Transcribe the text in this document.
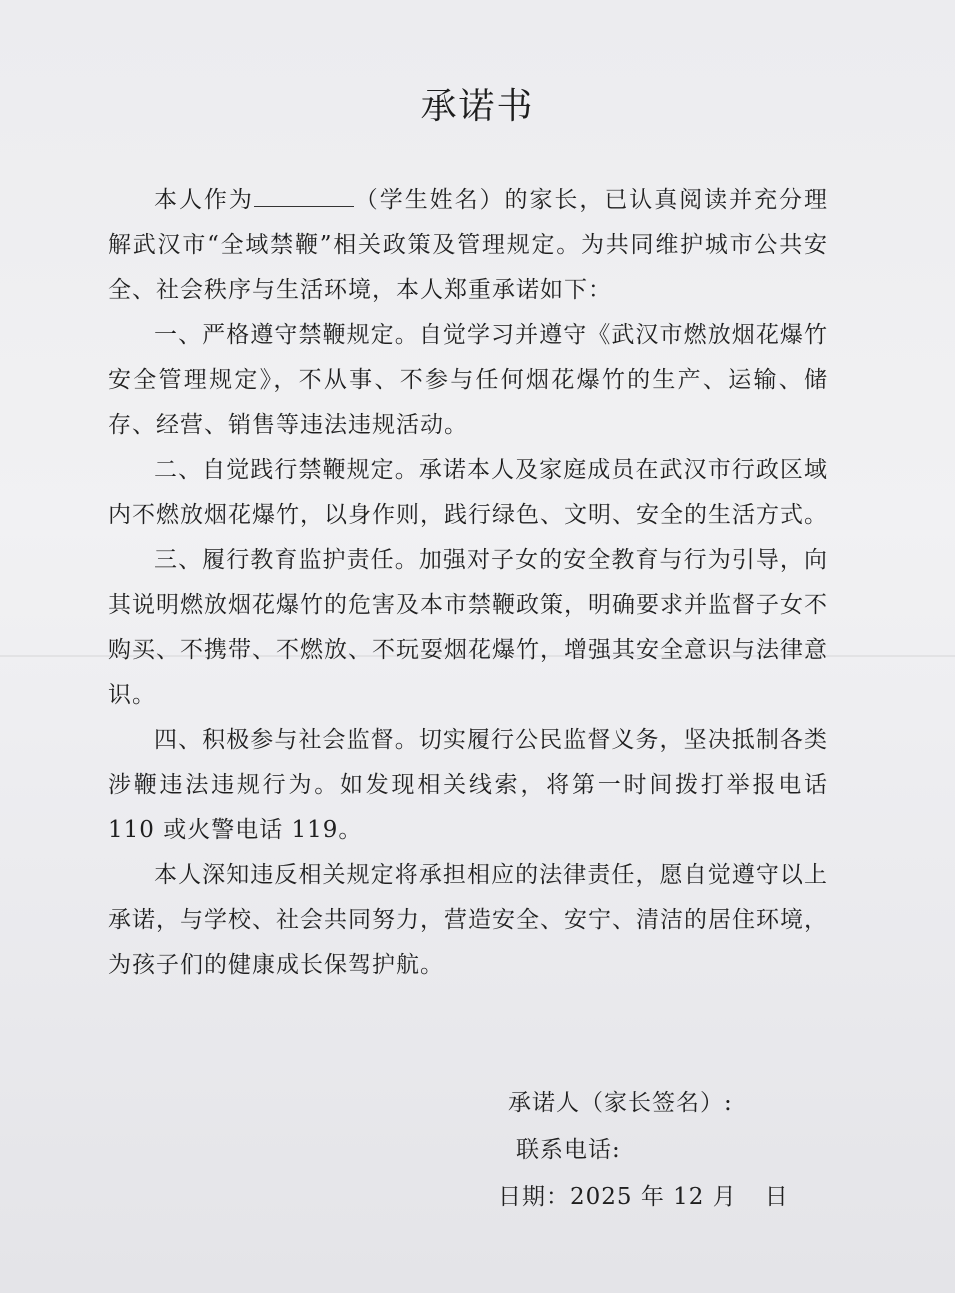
承诺书

本人作为	（学生姓名）的家长，已认真阅读并充分理解武汉市“全域禁鞭”相关政策及管理规定。为共同维护城市公共安全、社会秩序与生活环境，本人郑重承诺如下：

一、严格遵守禁鞭规定。自觉学习并遵守《武汉市燃放烟花爆竹安全管理规定》，不从事、不参与任何烟花爆竹的生产、运输、储存、经营、销售等违法违规活动。

二、自觉践行禁鞭规定。承诺本人及家庭成员在武汉市行政区域内不燃放烟花爆竹，以身作则，践行绿色、文明、安全的生活方式。

三、履行教育监护责任。加强对子女的安全教育与行为引导，向其说明燃放烟花爆竹的危害及本市禁鞭政策，明确要求并监督子女不购买、不携带、不燃放、不玩耍烟花爆竹，增强其安全意识与法律意识。

四、积极参与社会监督。切实履行公民监督义务，坚决抵制各类涉鞭违法违规行为。如发现相关线索，将第一时间拨打举报电话 110 或火警电话 119。

本人深知违反相关规定将承担相应的法律责任，愿自觉遵守以上承诺，与学校、社会共同努力，营造安全、安宁、清洁的居住环境，为孩子们的健康成长保驾护航。

承诺人（家长签名）:
联系电话:
日期：2025 年 12 月 日
